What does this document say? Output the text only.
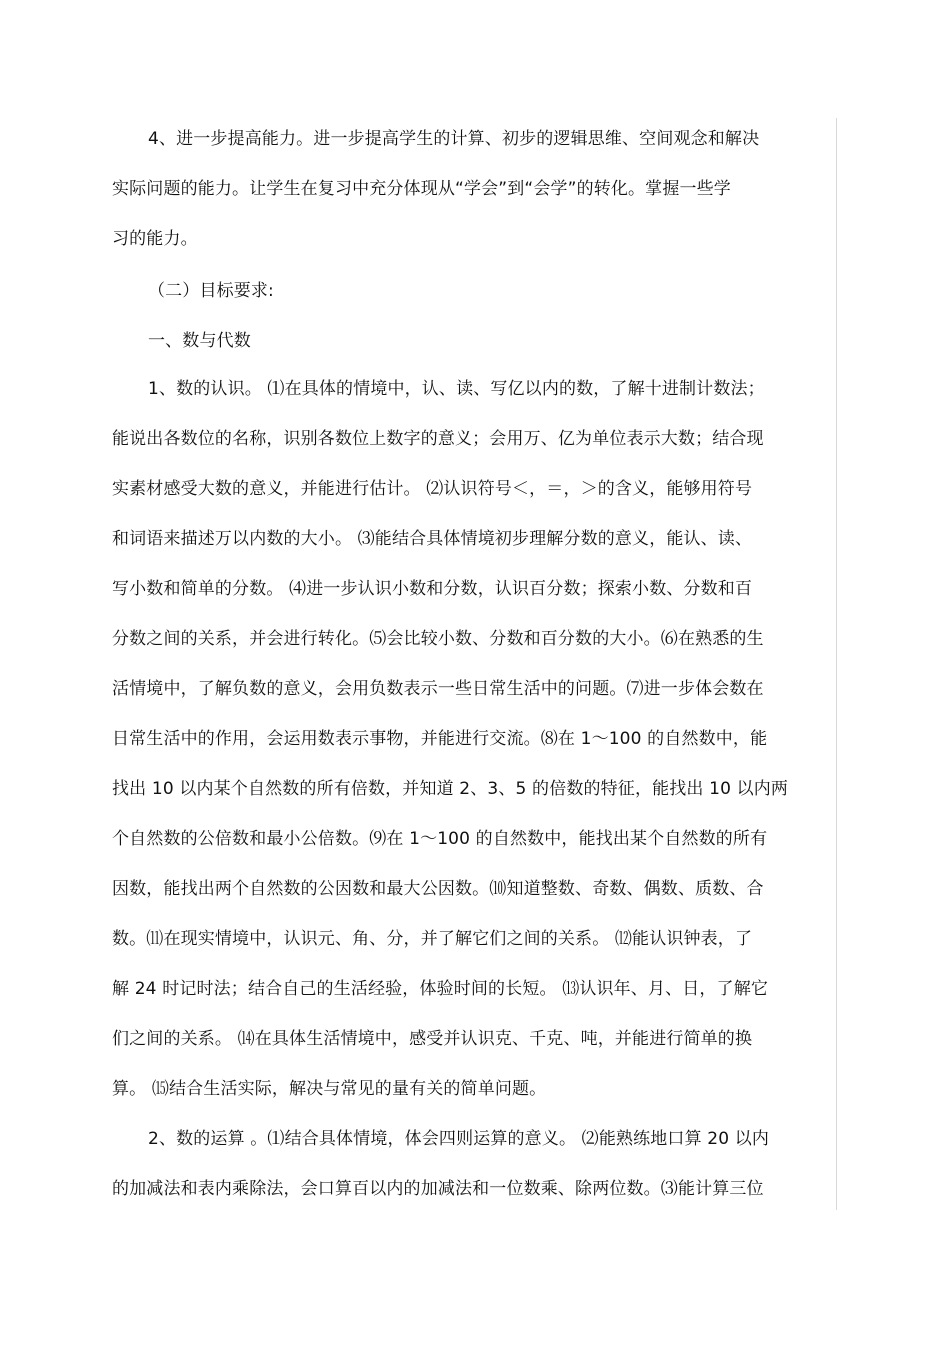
4、进一步提高能力。进一步提高学生的计算、初步的逻辑思维、空间观念和解决
实际问题的能力。让学生在复习中充分体现从“学会”到“会学”的转化。掌握一些学
习的能力。
（二）目标要求:
一、数与代数
1、数的认识。 ⑴在具体的情境中，认、读、写亿以内的数，了解十进制计数法；
能说出各数位的名称，识别各数位上数字的意义；会用万、亿为单位表示大数；结合现
实素材感受大数的意义，并能进行估计。 ⑵认识符号＜，＝，＞的含义，能够用符号
和词语来描述万以内数的大小。 ⑶能结合具体情境初步理解分数的意义，能认、读、
写小数和简单的分数。 ⑷进一步认识小数和分数，认识百分数；探索小数、分数和百
分数之间的关系，并会进行转化。⑸会比较小数、分数和百分数的大小。⑹在熟悉的生
活情境中，了解负数的意义，会用负数表示一些日常生活中的问题。⑺进一步体会数在
日常生活中的作用，会运用数表示事物，并能进行交流。⑻在 1～100 的自然数中，能
找出 10 以内某个自然数的所有倍数，并知道 2、3、5 的倍数的特征，能找出 10 以内两
个自然数的公倍数和最小公倍数。⑼在 1～100 的自然数中，能找出某个自然数的所有
因数，能找出两个自然数的公因数和最大公因数。⑽知道整数、奇数、偶数、质数、合
数。⑾在现实情境中，认识元、角、分，并了解它们之间的关系。 ⑿能认识钟表，了
解 24 时记时法；结合自己的生活经验，体验时间的长短。 ⒀认识年、月、日，了解它
们之间的关系。 ⒁在具体生活情境中，感受并认识克、千克、吨，并能进行简单的换
算。 ⒂结合生活实际，解决与常见的量有关的简单问题。
2、数的运算 。⑴结合具体情境，体会四则运算的意义。 ⑵能熟练地口算 20 以内
的加减法和表内乘除法，会口算百以内的加减法和一位数乘、除两位数。⑶能计算三位
